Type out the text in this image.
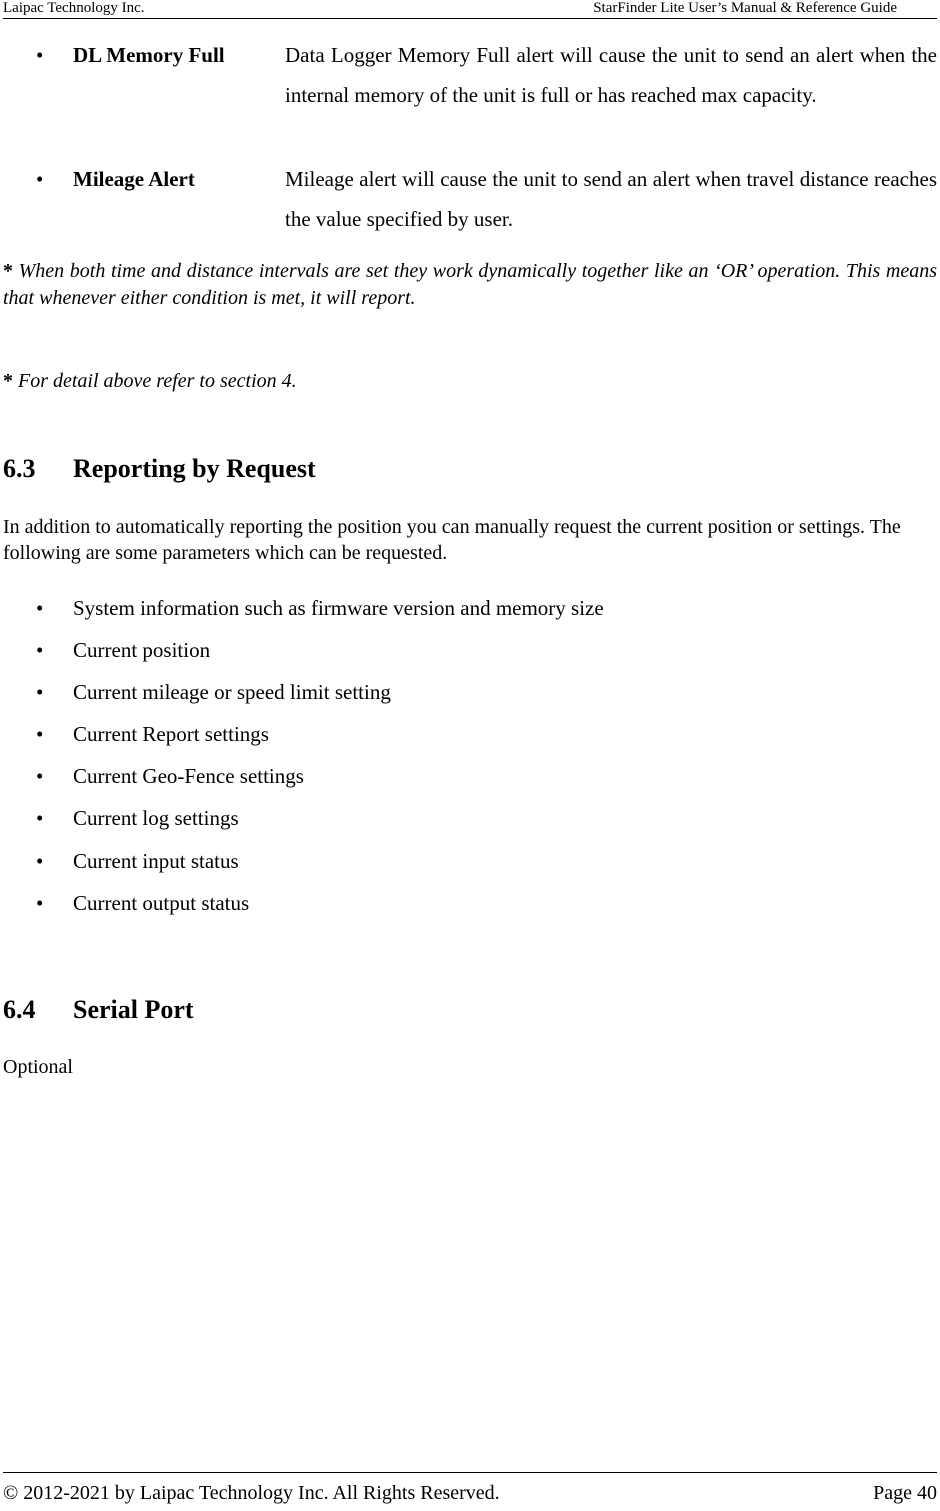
Laipac Technology Inc.	StarFinder Lite User’s Manual & Reference Guide
• DL Memory Full	Data Logger Memory Full alert will cause the unit to send an alert when the internal memory of the unit is full or has reached max capacity.
• Mileage Alert	Mileage alert will cause the unit to send an alert when travel distance reaches the value specified by user.
* When both time and distance intervals are set they work dynamically together like an ‘OR’ operation. This means that whenever either condition is met, it will report.
* For detail above refer to section 4.
6.3 Reporting by Request
In addition to automatically reporting the position you can manually request the current position or settings. The following are some parameters which can be requested.
• System information such as firmware version and memory size
• Current position
• Current mileage or speed limit setting
• Current Report settings
• Current Geo-Fence settings
• Current log settings
• Current input status
• Current output status
6.4 Serial Port
Optional
© 2012-2021 by Laipac Technology Inc. All Rights Reserved.	Page 40
